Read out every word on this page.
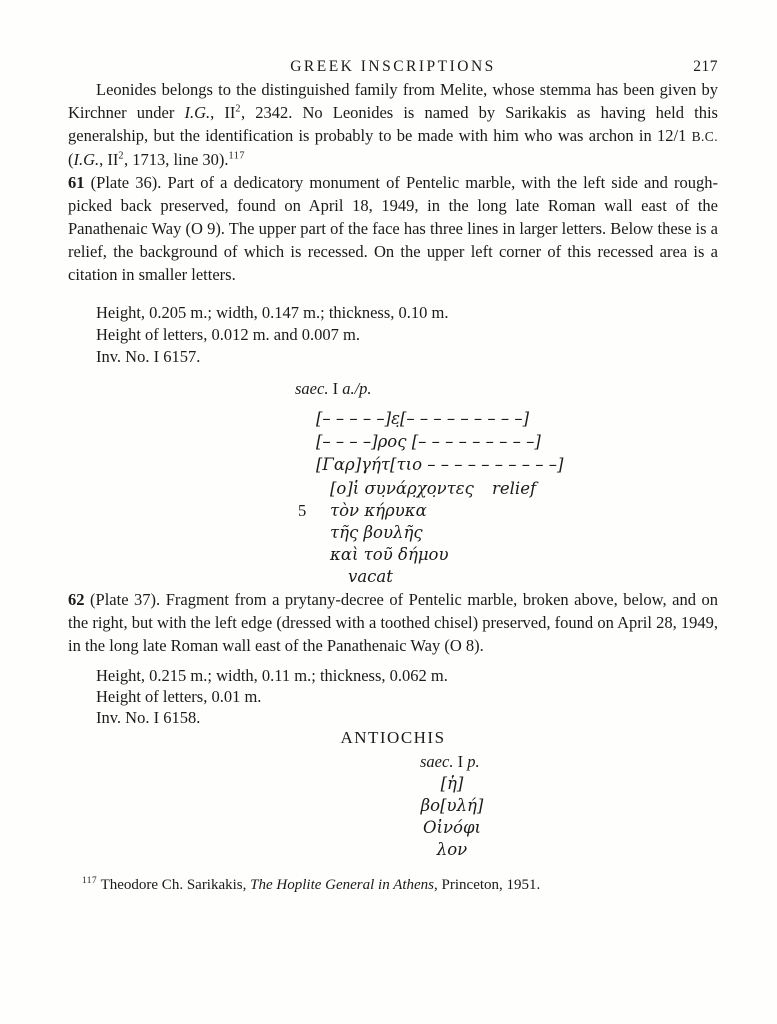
GREEK INSCRIPTIONS	217

Leonides belongs to the distinguished family from Melite, whose stemma has been given by Kirchner under I.G., $II^2$, 2342. No Leonides is named by Sarikakis as having held this generalship, but the identification is probably to be made with him who was archon in 12/1 B.C. (I.G., $II^2$, 1713, line 30).$^{117}$

61 (Plate 36). Part of a dedicatory monument of Pentelic marble, with the left side and rough-picked back preserved, found on April 18, 1949, in the long late Roman wall east of the Panathenaic Way (O 9). The upper part of the face has three lines in larger letters. Below these is a relief, the background of which is recessed. On the upper left corner of this recessed area is a citation in smaller letters.

Height, 0.205 m.; width, 0.147 m.; thickness, 0.10 m.
Height of letters, 0.012 m. and 0.007 m.
Inv. No. I 6157.
saec. I a./p.
[– – – – –]ε̣[– – – – – – – – –]
[– – – –]ρος [– – – – – – – – –]
[Γαρ]γήτ[τιο – – – – – – – – – –]
[ο]ἱ συ̣νάρ̣χο̣ντες relief
5 τὸν κήρυκα
τῆς βουλῆς
καὶ τοῦ δήμου
vacat

62 (Plate 37). Fragment from a prytany-decree of Pentelic marble, broken above, below, and on the right, but with the left edge (dressed with a toothed chisel) preserved, found on April 28, 1949, in the long late Roman wall east of the Panathenaic Way (O 8).

Height, 0.215 m.; width, 0.11 m.; thickness, 0.062 m.
Height of letters, 0.01 m.
Inv. No. I 6158.
ANTIOCHIS
saec. I p.
[ἡ]
βο[υλή]
Οἰνόφι
λον
$^{117}$ Theodore Ch. Sarikakis, The Hoplite General in Athens, Princeton, 1951.
